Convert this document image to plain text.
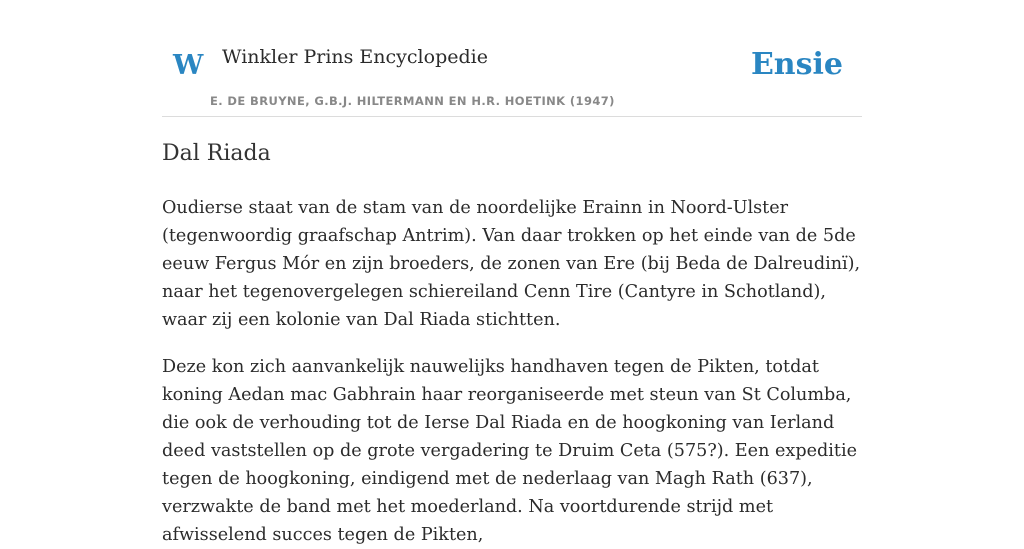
W Winkler Prins Encyclopedie
E. DE BRUYNE, G.B.J. HILTERMANN EN H.R. HOETINK (1947)
Ensie
Dal Riada

Oudierse staat van de stam van de noordelijke Erainn in Noord-Ulster (tegenwoordig graafschap Antrim). Van daar trokken op het einde van de 5de eeuw Fergus Mór en zijn broeders, de zonen van Ere (bij Beda de Dalreudinï), naar het tegenovergelegen schiereiland Cenn Tire (Cantyre in Schotland), waar zij een kolonie van Dal Riada stichtten.

Deze kon zich aanvankelijk nauwelijks handhaven tegen de Pikten, totdat koning Aedan mac Gabhrain haar reorganiseerde met steun van St Columba, die ook de verhouding tot de Ierse Dal Riada en de hoogkoning van Ierland deed vaststellen op de grote vergadering te Druim Ceta (575?). Een expeditie tegen de hoogkoning, eindigend met de nederlaag van Magh Rath (637), verzwakte de band met het moederland. Na voortdurende strijd met afwisselend succes tegen de Pikten,
